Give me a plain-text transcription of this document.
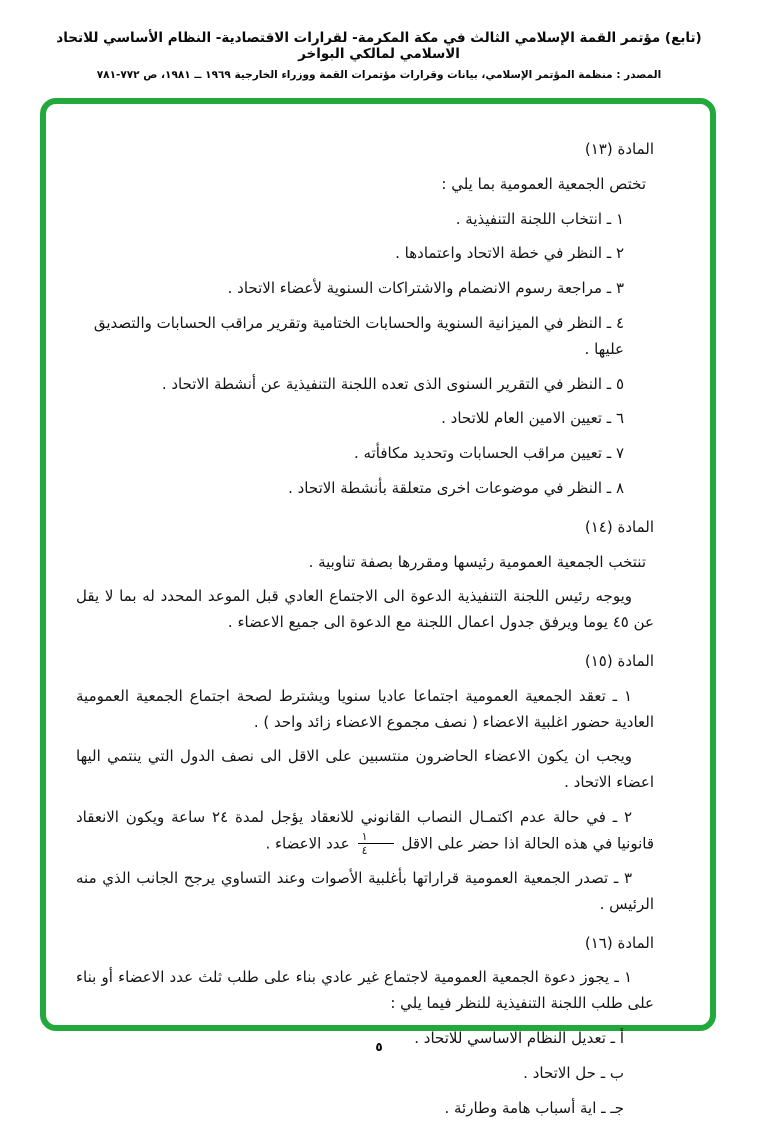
(تابع) مؤتمر القمة الإسلامي الثالث في مكة المكرمة- لقرارات الاقتصادية- النظام الأساسي للاتحاد الاسلامي لمالكي البواخر
المصدر : منظمة المؤتمر الإسلامي، بيانات وقرارات مؤتمرات القمة ووزراء الخارجية ١٩٦٩ ــ ١٩٨١، ص ٧٧٢-٧٨١
المادة (١٣)
تختص الجمعية العمومية بما يلي :
١ ـ انتخاب اللجنة التنفيذية .
٢ ـ النظر في خطة الاتحاد واعتمادها .
٣ ـ مراجعة رسوم الانضمام والاشتراكات السنوية لأعضاء الاتحاد .
٤ ـ النظر في الميزانية السنوية والحسابات الختامية وتقرير مراقب الحسابات والتصديق عليها .
٥ ـ النظر في التقرير السنوى الذى تعده اللجنة التنفيذية عن أنشطة الاتحاد .
٦ ـ تعيين الامين العام للاتحاد .
٧ ـ تعيين مراقب الحسابات وتحديد مكافأته .
٨ ـ النظر في موضوعات اخرى متعلقة بأنشطة الاتحاد .
المادة (١٤)
تنتخب الجمعية العمومية رئيسها ومقررها بصفة تناوبية .
ويوجه رئيس اللجنة التنفيذية الدعوة الى الاجتماع العادي قبل الموعد المحدد له بما لا يقل عن ٤٥ يوما ويرفق جدول اعمال اللجنة مع الدعوة الى جميع الاعضاء .
المادة (١٥)
١ ـ تعقد الجمعية العمومية اجتماعا عاديا سنويا ويشترط لصحة اجتماع الجمعية العمومية العادية حضور اغلبية الاعضاء ( نصف مجموع الاعضاء زائد واحد ) .
ويجب ان يكون الاعضاء الحاضرون منتسبين على الاقل الى نصف الدول التي ينتمي اليها اعضاء الاتحاد .
٢ ـ في حالة عدم اكتمـال النصاب القانوني للانعقاد يؤجل لمدة ٢٤ ساعة ويكون الانعقاد قانونيا في هذه الحالة اذا حضر على الاقل
$\frac{١}{٤}$
عدد الاعضاء .
٣ ـ تصدر الجمعية العمومية قراراتها بأغلبية الأصوات وعند التساوي يرجح الجانب الذي منه الرئيس .
المادة (١٦)
١ ـ يجوز دعوة الجمعية العمومية لاجتماع غير عادي بناء على طلب ثلث عدد الاعضاء أو بناء على طلب اللجنة التنفيذية للنظر فيما يلي :
أ ـ تعديل النظام الاساسي للاتحاد .
ب ـ حل الاتحاد .
جـ ـ اية أسباب هامة وطارئة .
٥
